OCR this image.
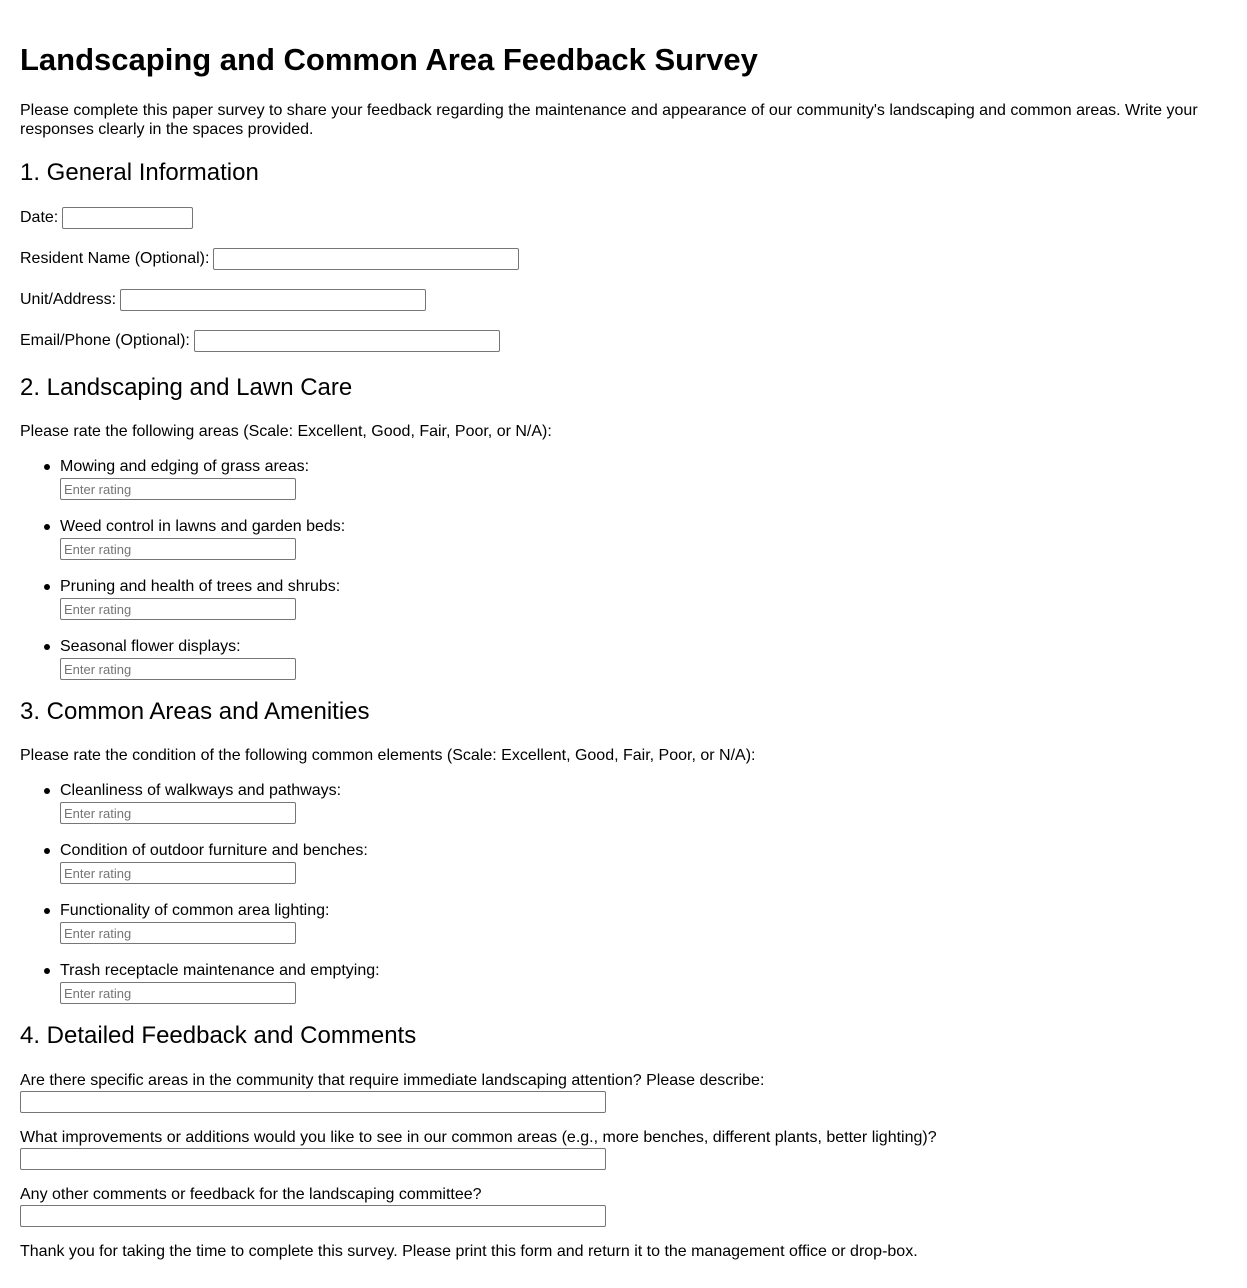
Landscaping and Common Area Feedback Survey

Please complete this paper survey to share your feedback regarding the maintenance and appearance of our community's landscaping and common areas. Write your responses clearly in the spaces provided.

1. General Information
Date:
Resident Name (Optional):
Unit/Address:
Email/Phone (Optional):
2. Landscaping and Lawn Care

Please rate the following areas (Scale: Excellent, Good, Fair, Poor, or N/A):

Mowing and edging of grass areas:
Enter rating
Weed control in lawns and garden beds:
Enter rating
Pruning and health of trees and shrubs:
Enter rating
Seasonal flower displays:
Enter rating
3. Common Areas and Amenities

Please rate the condition of the following common elements (Scale: Excellent, Good, Fair, Poor, or N/A):

Cleanliness of walkways and pathways:
Enter rating
Condition of outdoor furniture and benches:
Enter rating
Functionality of common area lighting:
Enter rating
Trash receptacle maintenance and emptying:
Enter rating
4. Detailed Feedback and Comments
Are there specific areas in the community that require immediate landscaping attention? Please describe:
What improvements or additions would you like to see in our common areas (e.g., more benches, different plants, better lighting)?
Any other comments or feedback for the landscaping committee?

Thank you for taking the time to complete this survey. Please print this form and return it to the management office or drop-box.
